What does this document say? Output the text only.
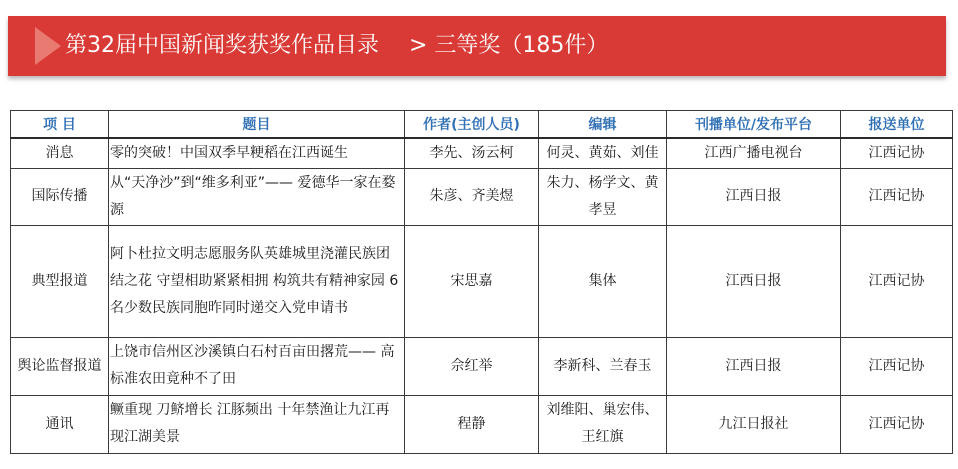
第32届中国新闻奖获奖作品目录 > 三等奖（185件）
项 目	题目	作者(主创人员)	编辑	刊播单位/发布平台	报送单位
消息	零的突破！中国双季早粳稻在江西诞生	李先、汤云柯	何灵、黄茹、刘佳	江西广播电视台	江西记协
国际传播	从“天净沙”到“维多利亚”—— 爱德华一家在婺源	朱彦、齐美煜	朱力、杨学文、黄孝昱	江西日报	江西记协
典型报道	阿卜杜拉文明志愿服务队英雄城里浇灌民族团结之花 守望相助紧紧相拥 构筑共有精神家园 6名少数民族同胞昨同时递交入党申请书	宋思嘉	集体	江西日报	江西记协
舆论监督报道	上饶市信州区沙溪镇白石村百亩田撂荒—— 高标准农田竟种不了田	佘红举	李新科、兰春玉	江西日报	江西记协
通讯	鳜重现 刀鲚增长 江豚频出 十年禁渔让九江再现江湖美景	程静	刘维阳、巢宏伟、王红旗	九江日报社	江西记协
